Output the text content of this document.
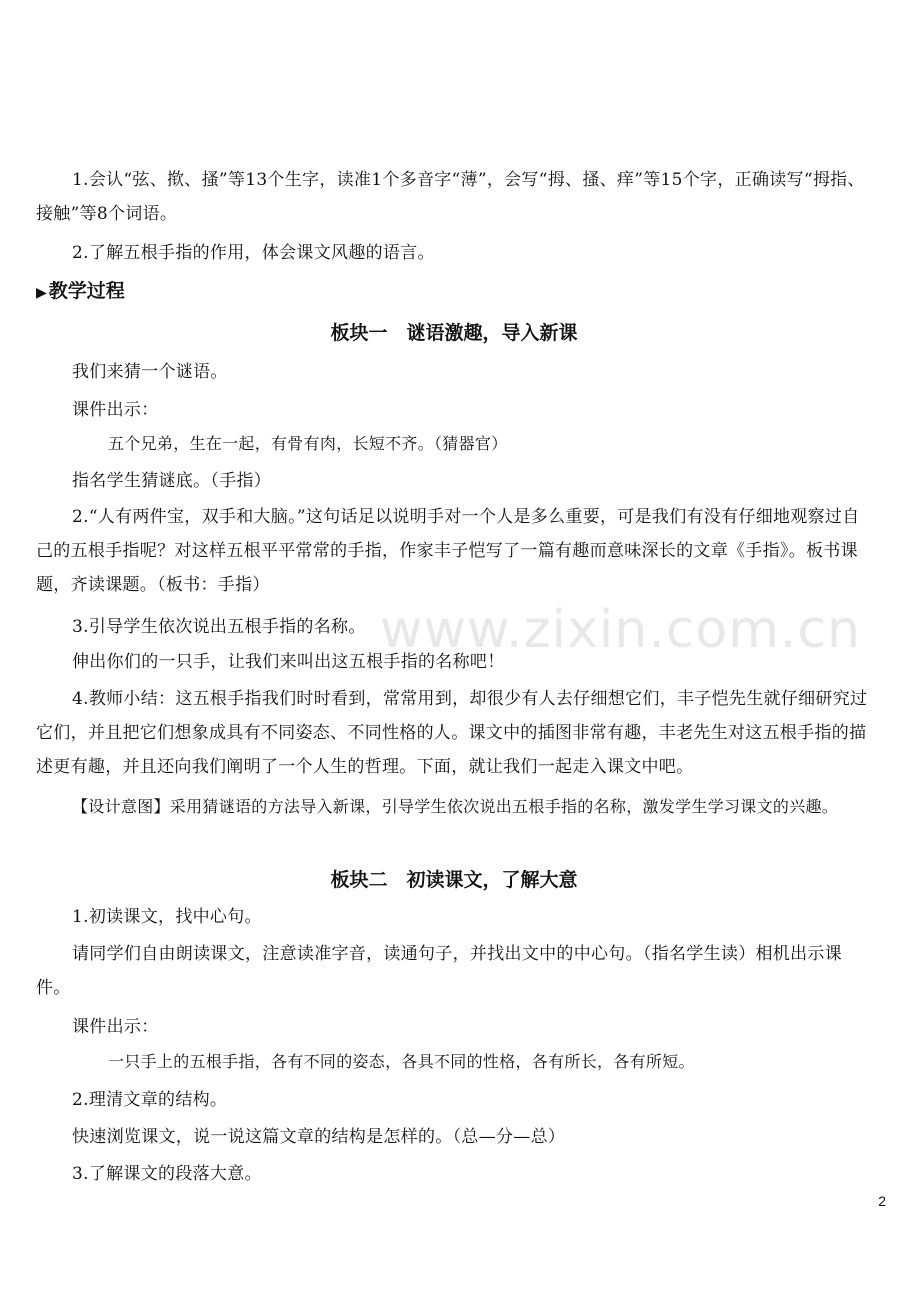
1.会认“弦、揿、搔”等13个生字，读准1个多音字“薄”，会写“拇、搔、痒”等15个字，正确读写“拇指、接触”等8个词语。

2.了解五根手指的作用，体会课文风趣的语言。

▶ 教学过程
板块一　谜语激趣，导入新课

我们来猜一个谜语。

课件出示：

五个兄弟，生在一起，有骨有肉，长短不齐。（猜器官）

指名学生猜谜底。（手指）

2.“人有两件宝，双手和大脑。”这句话足以说明手对一个人是多么重要，可是我们有没有仔细地观察过自己的五根手指呢？对这样五根平平常常的手指，作家丰子恺写了一篇有趣而意味深长的文章《手指》。板书课题，齐读课题。（板书：手指）

3.引导学生依次说出五根手指的名称。

伸出你们的一只手，让我们来叫出这五根手指的名称吧！

4.教师小结：这五根手指我们时时看到，常常用到，却很少有人去仔细想它们，丰子恺先生就仔细研究过它们，并且把它们想象成具有不同姿态、不同性格的人。课文中的插图非常有趣，丰老先生对这五根手指的描述更有趣，并且还向我们阐明了一个人生的哲理。下面，就让我们一起走入课文中吧。

【设计意图】采用猜谜语的方法导入新课，引导学生依次说出五根手指的名称，激发学生学习课文的兴趣。

板块二　初读课文，了解大意

1.初读课文，找中心句。

请同学们自由朗读课文，注意读准字音，读通句子，并找出文中的中心句。（指名学生读）相机出示课件。

课件出示：

一只手上的五根手指，各有不同的姿态，各具不同的性格，各有所长，各有所短。

2.理清文章的结构。

快速浏览课文，说一说这篇文章的结构是怎样的。（总—分—总）

3.了解课文的段落大意。

www.zixin.com.cn
2
